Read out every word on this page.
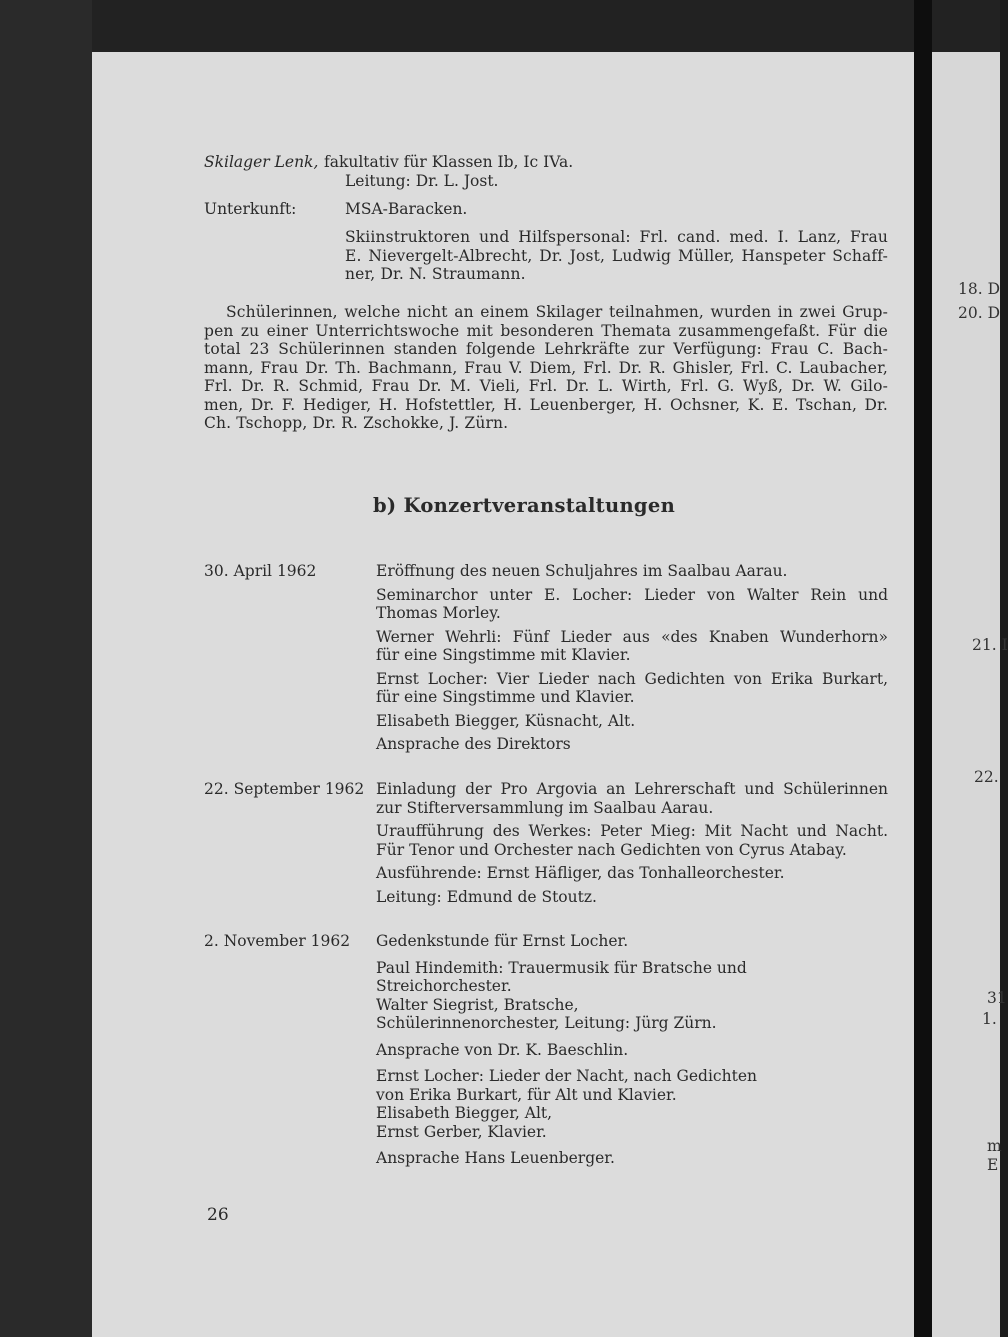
Skilager Lenk, fakultativ für Klassen Ib, Ic IVa.
Leitung: Dr. L. Jost.
Unterkunft:	MSA-Baracken.
Skiinstruktoren und Hilfspersonal: Frl. cand. med. I. Lanz, Frau
E. Nievergelt-Albrecht, Dr. Jost, Ludwig Müller, Hanspeter Schaff-
ner, Dr. N. Straumann.
Schülerinnen, welche nicht an einem Skilager teilnahmen, wurden in zwei Grup-
pen zu einer Unterrichtswoche mit besonderen Themata zusammengefaßt. Für die
total 23 Schülerinnen standen folgende Lehrkräfte zur Verfügung: Frau C. Bach-
mann, Frau Dr. Th. Bachmann, Frau V. Diem, Frl. Dr. R. Ghisler, Frl. C. Laubacher,
Frl. Dr. R. Schmid, Frau Dr. M. Vieli, Frl. Dr. L. Wirth, Frl. G. Wyß, Dr. W. Gilo-
men, Dr. F. Hediger, H. Hofstettler, H. Leuenberger, H. Ochsner, K. E. Tschan, Dr.
Ch. Tschopp, Dr. R. Zschokke, J. Zürn.
b) Konzertveranstaltungen
30. April 1962	Eröffnung des neuen Schuljahres im Saalbau Aarau.
Seminarchor unter E. Locher: Lieder von Walter Rein und
Thomas Morley.
Werner Wehrli: Fünf Lieder aus «des Knaben Wunderhorn»
für eine Singstimme mit Klavier.
Ernst Locher: Vier Lieder nach Gedichten von Erika Burkart,
für eine Singstimme und Klavier.
Elisabeth Biegger, Küsnacht, Alt.
Ansprache des Direktors
22. September 1962 Einladung der Pro Argovia an Lehrerschaft und Schülerinnen
zur Stifterversammlung im Saalbau Aarau.
Uraufführung des Werkes: Peter Mieg: Mit Nacht und Nacht.
Für Tenor und Orchester nach Gedichten von Cyrus Atabay.
Ausführende: Ernst Häfliger, das Tonhalleorchester.
Leitung: Edmund de Stoutz.
2. November 1962 Gedenkstunde für Ernst Locher.
Paul Hindemith: Trauermusik für Bratsche und
Streichorchester.
Walter Siegrist, Bratsche,
Schülerinnenorchester, Leitung: Jürg Zürn.
Ansprache von Dr. K. Baeschlin.
Ernst Locher: Lieder der Nacht, nach Gedichten
von Erika Burkart, für Alt und Klavier.
Elisabeth Biegger, Alt,
Ernst Gerber, Klavier.
Ansprache Hans Leuenberger.
26
18. D
20. D
21. I
22.
31
1.
m
E
